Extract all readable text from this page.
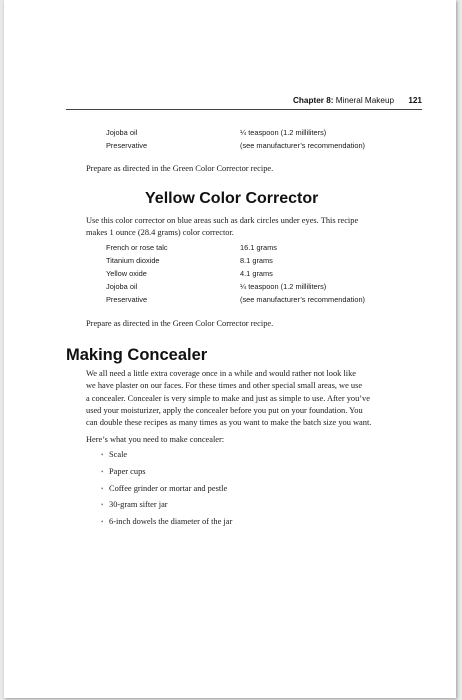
Chapter 8: Mineral Makeup 121
Jojoba oil	¼ teaspoon (1.2 milliliters)
Preservative	(see manufacturer’s recommendation)
Prepare as directed in the Green Color Corrector recipe.
Yellow Color Corrector
Use this color corrector on blue areas such as dark circles under eyes. This recipe
makes 1 ounce (28.4 grams) color corrector.
French or rose talc	16.1 grams
Titanium dioxide	8.1 grams
Yellow oxide	4.1 grams
Jojoba oil	¼ teaspoon (1.2 milliliters)
Preservative	(see manufacturer’s recommendation)
Prepare as directed in the Green Color Corrector recipe.
Making Concealer
We all need a little extra coverage once in a while and would rather not look like
we have plaster on our faces. For these times and other special small areas, we use
a concealer. Concealer is very simple to make and just as simple to use. After you’ve
used your moisturizer, apply the concealer before you put on your foundation. You
can double these recipes as many times as you want to make the batch size you want.
Here’s what you need to make concealer:
• Scale
• Paper cups
• Coffee grinder or mortar and pestle
• 30-gram sifter jar
• 6-inch dowels the diameter of the jar
